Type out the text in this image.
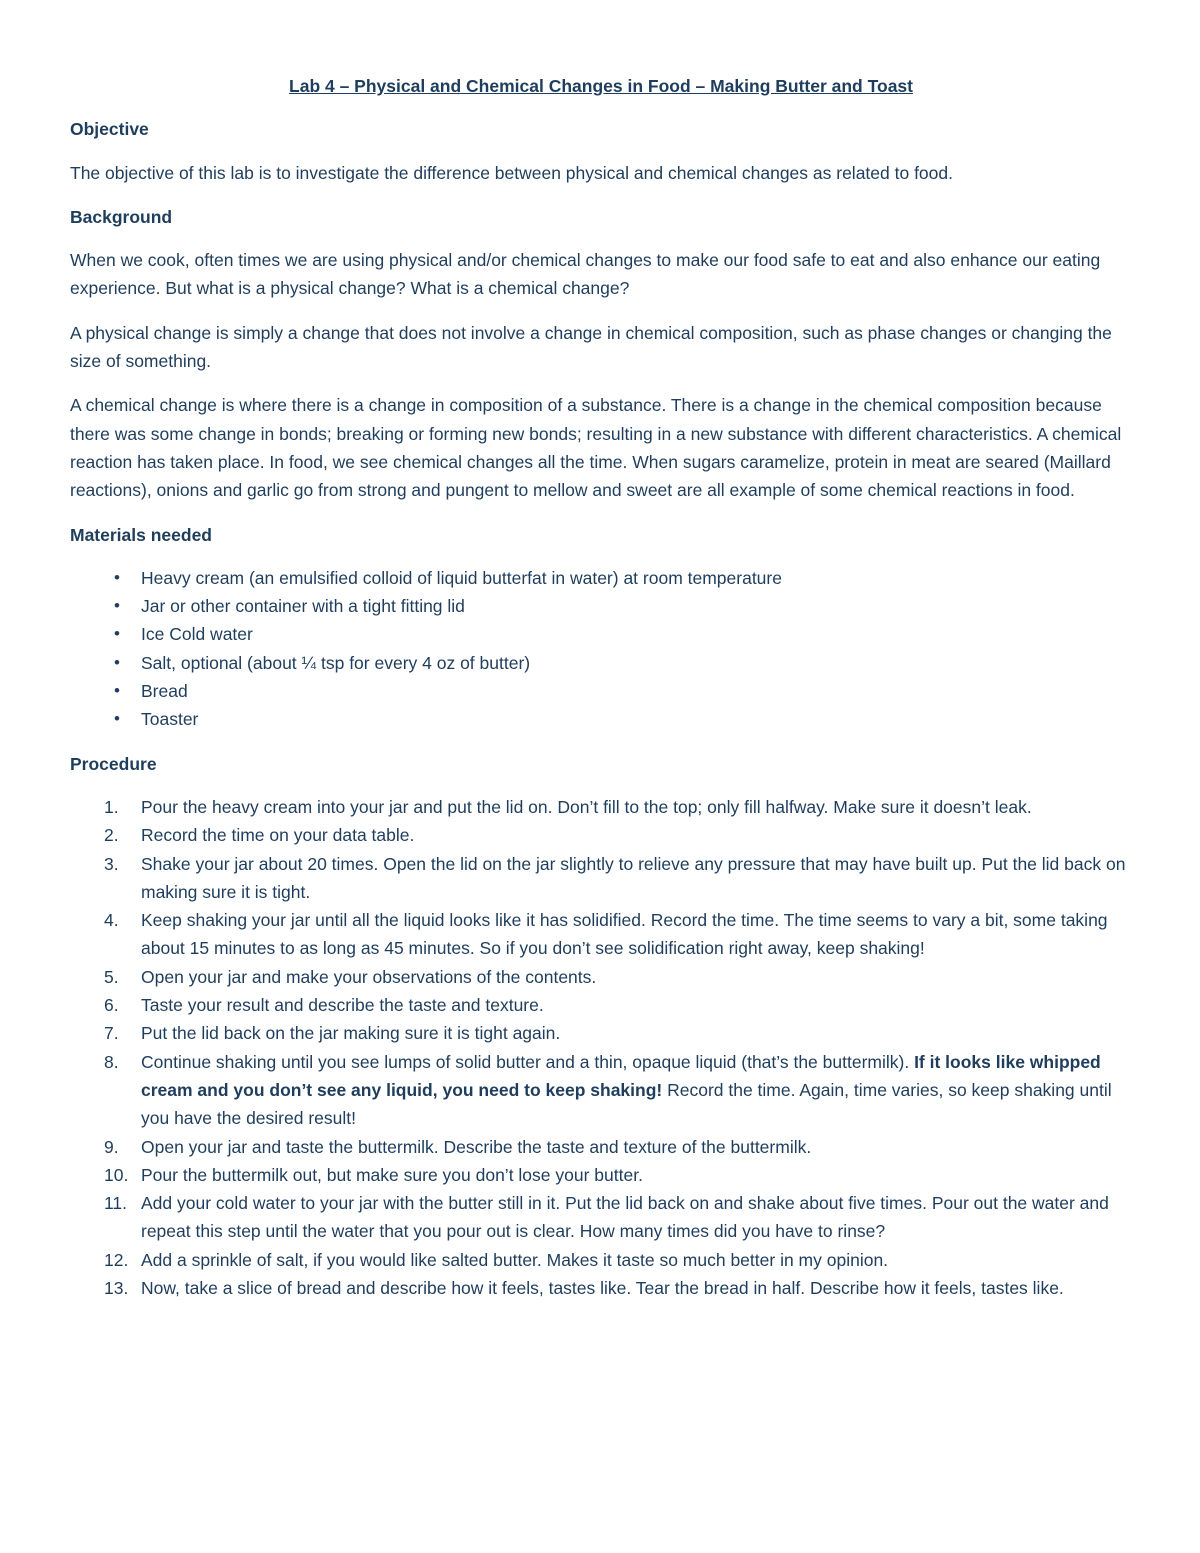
Lab 4 – Physical and Chemical Changes in Food – Making Butter and Toast
Objective

The objective of this lab is to investigate the difference between physical and chemical changes as related to food.

Background

When we cook, often times we are using physical and/or chemical changes to make our food safe to eat and also enhance our eating experience. But what is a physical change? What is a chemical change?

A physical change is simply a change that does not involve a change in chemical composition, such as phase changes or changing the size of something.

A chemical change is where there is a change in composition of a substance. There is a change in the chemical composition because there was some change in bonds; breaking or forming new bonds; resulting in a new substance with different characteristics. A chemical reaction has taken place. In food, we see chemical changes all the time. When sugars caramelize, protein in meat are seared (Maillard reactions), onions and garlic go from strong and pungent to mellow and sweet are all example of some chemical reactions in food.

Materials needed
• Heavy cream (an emulsified colloid of liquid butterfat in water) at room temperature
• Jar or other container with a tight fitting lid
• Ice Cold water
• Salt, optional (about ¼ tsp for every 4 oz of butter)
• Bread
• Toaster
Procedure
1. Pour the heavy cream into your jar and put the lid on. Don’t fill to the top; only fill halfway. Make sure it doesn’t leak.
2. Record the time on your data table.
3. Shake your jar about 20 times. Open the lid on the jar slightly to relieve any pressure that may have built up. Put the lid back on making sure it is tight.
4. Keep shaking your jar until all the liquid looks like it has solidified. Record the time. The time seems to vary a bit, some taking about 15 minutes to as long as 45 minutes. So if you don’t see solidification right away, keep shaking!
5. Open your jar and make your observations of the contents.
6. Taste your result and describe the taste and texture.
7. Put the lid back on the jar making sure it is tight again.
8. Continue shaking until you see lumps of solid butter and a thin, opaque liquid (that’s the buttermilk). If it looks like whipped cream and you don’t see any liquid, you need to keep shaking! Record the time. Again, time varies, so keep shaking until you have the desired result!
9. Open your jar and taste the buttermilk. Describe the taste and texture of the buttermilk.
10. Pour the buttermilk out, but make sure you don’t lose your butter.
11. Add your cold water to your jar with the butter still in it. Put the lid back on and shake about five times. Pour out the water and repeat this step until the water that you pour out is clear. How many times did you have to rinse?
12. Add a sprinkle of salt, if you would like salted butter. Makes it taste so much better in my opinion.
13. Now, take a slice of bread and describe how it feels, tastes like. Tear the bread in half. Describe how it feels, tastes like.
